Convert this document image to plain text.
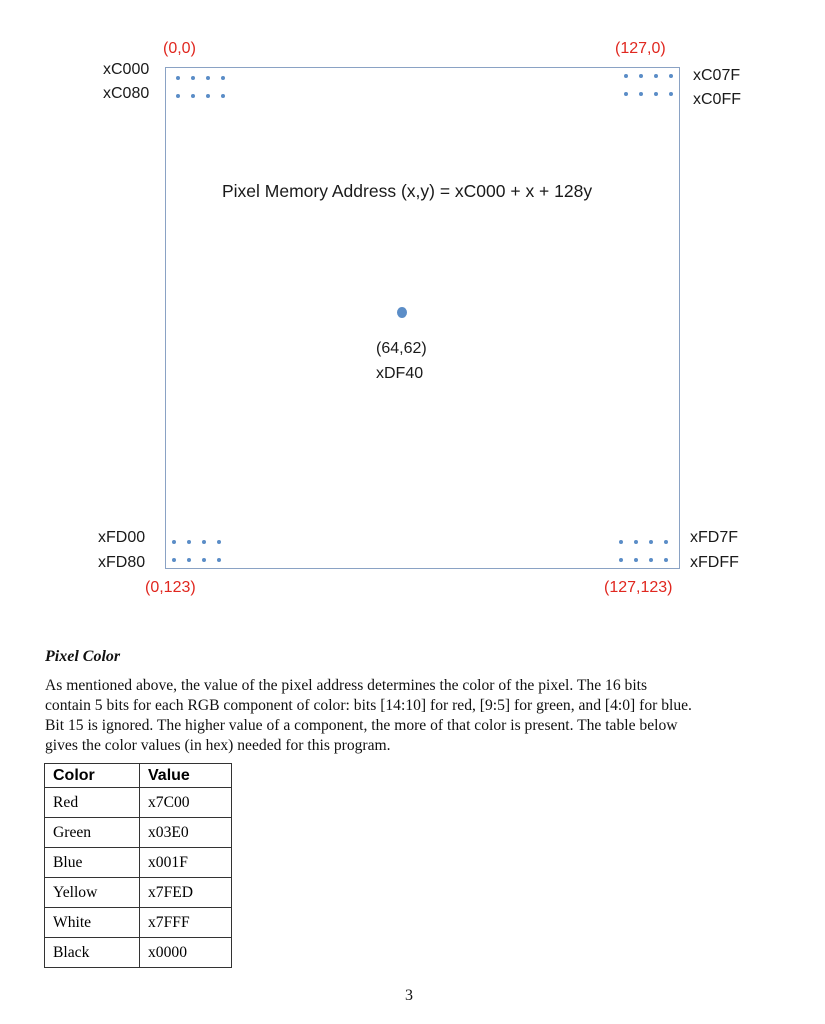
(0,0)
xC000
xC080
(127,0)
xC07F
xC0FF
Pixel Memory Address (x,y) = xC000 + x + 128y
(64,62)
xDF40
xFD00
xFD80
(0,123)
xFD7F
xFDFF
(127,123)
Pixel Color
As mentioned above, the value of the pixel address determines the color of the pixel. The 16 bits
contain 5 bits for each RGB component of color: bits [14:10] for red, [9:5] for green, and [4:0] for blue.
Bit 15 is ignored. The higher value of a component, the more of that color is present. The table below
gives the color values (in hex) needed for this program.
Color	Value
Red	x7C00
Green	x03E0
Blue	x001F
Yellow	x7FED
White	x7FFF
Black	x0000
3
